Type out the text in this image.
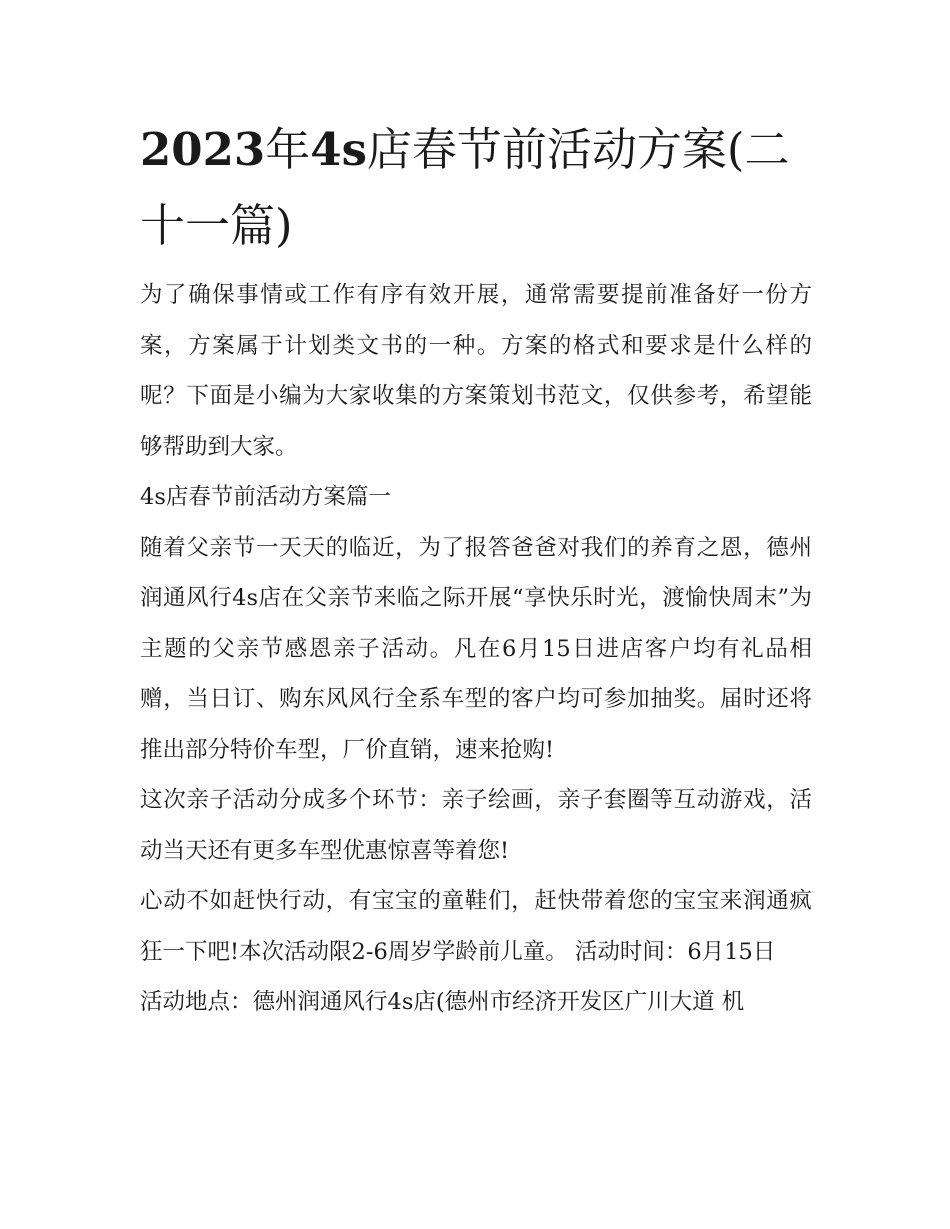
2023年4s店春节前活动方案(二十一篇)

为了确保事情或工作有序有效开展，通常需要提前准备好一份方案，方案属于计划类文书的一种。方案的格式和要求是什么样的呢？下面是小编为大家收集的方案策划书范文，仅供参考，希望能够帮助到大家。

4s店春节前活动方案篇一

随着父亲节一天天的临近，为了报答爸爸对我们的养育之恩，德州润通风行4s店在父亲节来临之际开展“享快乐时光，渡愉快周末”为主题的父亲节感恩亲子活动。凡在6月15日进店客户均有礼品相赠，当日订、购东风风行全系车型的客户均可参加抽奖。届时还将推出部分特价车型，厂价直销，速来抢购!

这次亲子活动分成多个环节：亲子绘画，亲子套圈等互动游戏，活动当天还有更多车型优惠惊喜等着您!

心动不如赶快行动，有宝宝的童鞋们，赶快带着您的宝宝来润通疯狂一下吧!本次活动限2-6周岁学龄前儿童。 活动时间：6月15日

活动地点：德州润通风行4s店(德州市经济开发区广川大道 机
